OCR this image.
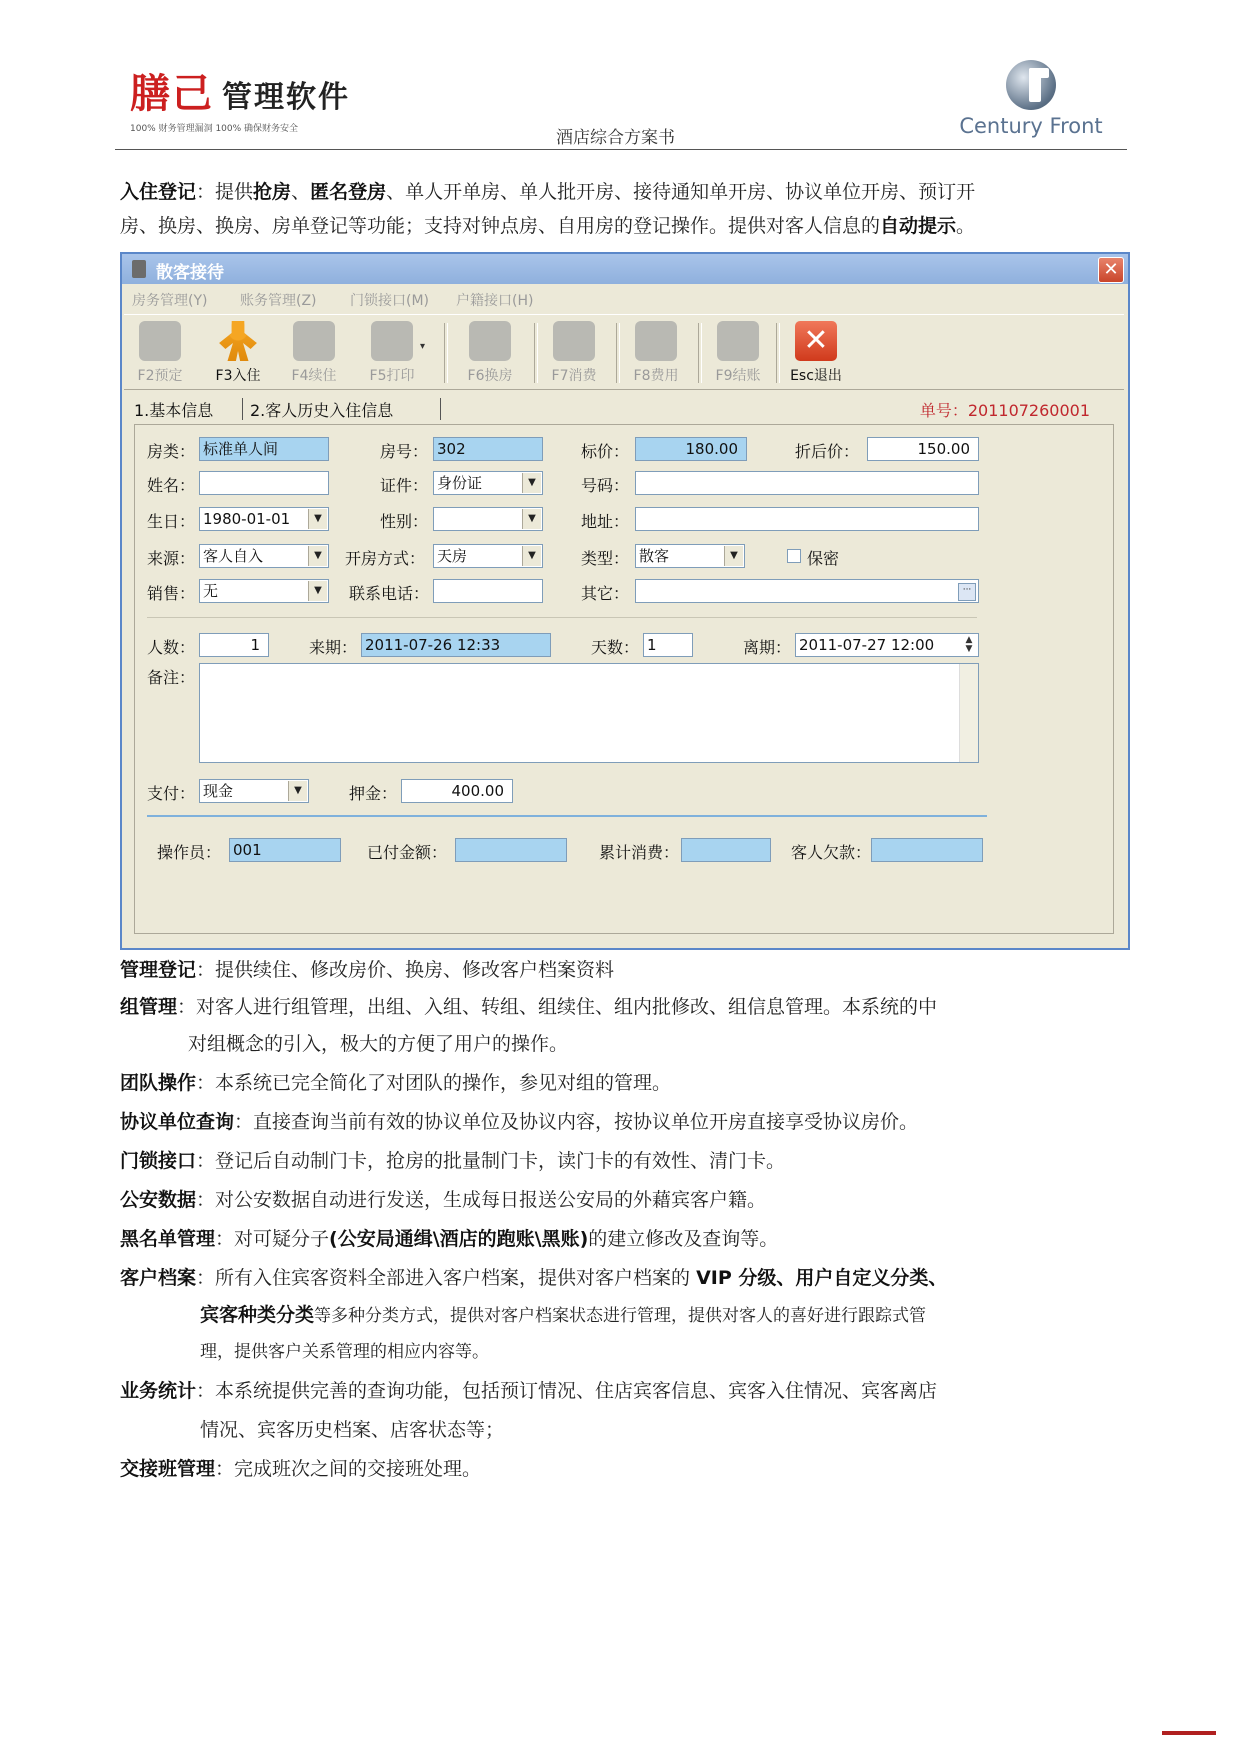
膳己 管理软件
100% 财务管理漏洞 100% 确保财务安全	酒店综合方案书	Century Front
入住登记：提供抢房、匿名登房、单人开单房、单人批开房、接待通知单开房、协议单位开房、预订开
房、换房、换房、房单登记等功能；支持对钟点房、自用房的登记操作。提供对客人信息的自动提示。
散客接待	✕
房务管理(Y) 账务管理(Z) 门锁接口(M) 户籍接口(H)
F2预定	F3入住	F4续住	F5打印
▾
F6换房	F7消费	F8费用	F9结账
✕	Esc退出
1.基本信息 2.客人历史入住信息	单号：201107260001
房类： 标准单人间	房号： 302	标价：	180.00	折后价：	150.00
姓名：	证件： 身份证	▼	号码：
生日： 1980-01-01	▼	性别：	▼	地址：
来源： 客人自入	▼	开房方式： 天房	▼	类型： 散客	▼	保密
销售： 无	▼	联系电话：	其它：	···
人数：	1	来期： 2011-07-26 12:33	天数： 1	离期： 2011-07-27 12:00	▲
▼
备注：
支付： 现金	▼	押金：	400.00
操作员： 001	已付金额：	累计消费：	客人欠款：
管理登记：提供续住、修改房价、换房、修改客户档案资料
组管理：对客人进行组管理，出组、入组、转组、组续住、组内批修改、组信息管理。本系统的中
对组概念的引入，极大的方便了用户的操作。
团队操作：本系统已完全简化了对团队的操作，参见对组的管理。
协议单位查询：直接查询当前有效的协议单位及协议内容，按协议单位开房直接享受协议房价。
门锁接口：登记后自动制门卡，抢房的批量制门卡，读门卡的有效性、清门卡。
公安数据：对公安数据自动进行发送，生成每日报送公安局的外藉宾客户籍。
黑名单管理：对可疑分子(公安局通缉\酒店的跑账\黑账)的建立修改及查询等。
客户档案：所有入住宾客资料全部进入客户档案，提供对客户档案的 VIP 分级、用户自定义分类、
宾客种类分类等多种分类方式，提供对客户档案状态进行管理，提供对客人的喜好进行跟踪式管
理，提供客户关系管理的相应内容等。
业务统计：本系统提供完善的查询功能，包括预订情况、住店宾客信息、宾客入住情况、宾客离店
情况、宾客历史档案、店客状态等；
交接班管理：完成班次之间的交接班处理。
